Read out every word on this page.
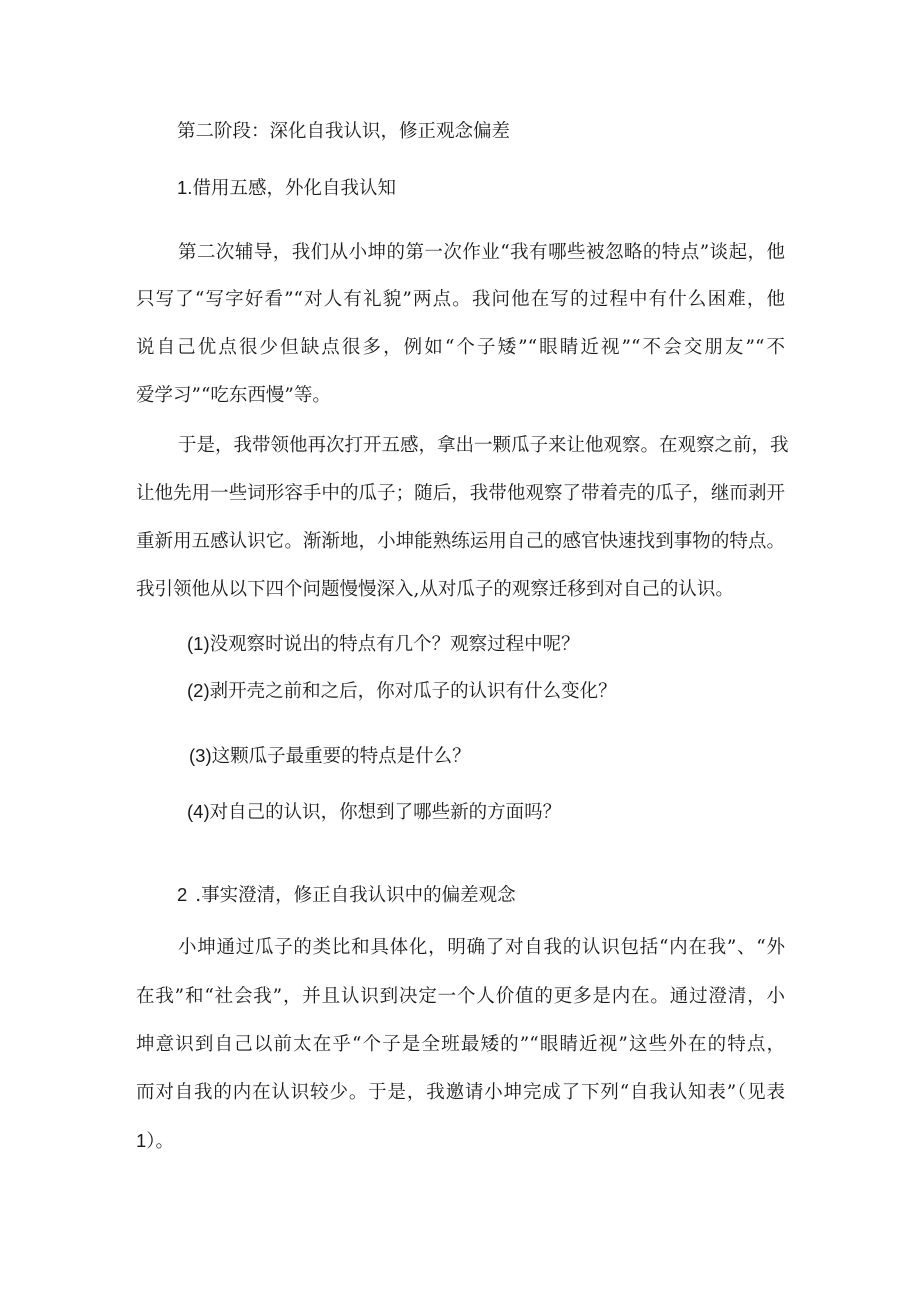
第二阶段：深化自我认识，修正观念偏差

1.借用五感，外化自我认知

第二次辅导，我们从小坤的第一次作业“我有哪些被忽略的特点”谈起，他

只写了“写字好看”“对人有礼貌”两点。我问他在写的过程中有什么困难，他

说自己优点很少但缺点很多，例如“个子矮”“眼睛近视”“不会交朋友”“不

爱学习”“吃东西慢”等。

于是，我带领他再次打开五感，拿出一颗瓜子来让他观察。在观察之前，我

让他先用一些词形容手中的瓜子；随后，我带他观察了带着壳的瓜子，继而剥开

重新用五感认识它。渐渐地，小坤能熟练运用自己的感官快速找到事物的特点。

我引领他从以下四个问题慢慢深入,从对瓜子的观察迁移到对自己的认识。

(1)没观察时说出的特点有几个？观察过程中呢？

(2)剥开壳之前和之后，你对瓜子的认识有什么变化？

(3)这颗瓜子最重要的特点是什么？

(4)对自己的认识，你想到了哪些新的方面吗？

2 .事实澄清，修正自我认识中的偏差观念

小坤通过瓜子的类比和具体化，明确了对自我的认识包括“内在我”、“外

在我”和“社会我”，并且认识到决定一个人价值的更多是内在。通过澄清，小

坤意识到自己以前太在乎“个子是全班最矮的”“眼睛近视”这些外在的特点，

而对自我的内在认识较少。于是，我邀请小坤完成了下列“自我认知表”（见表

1）。
